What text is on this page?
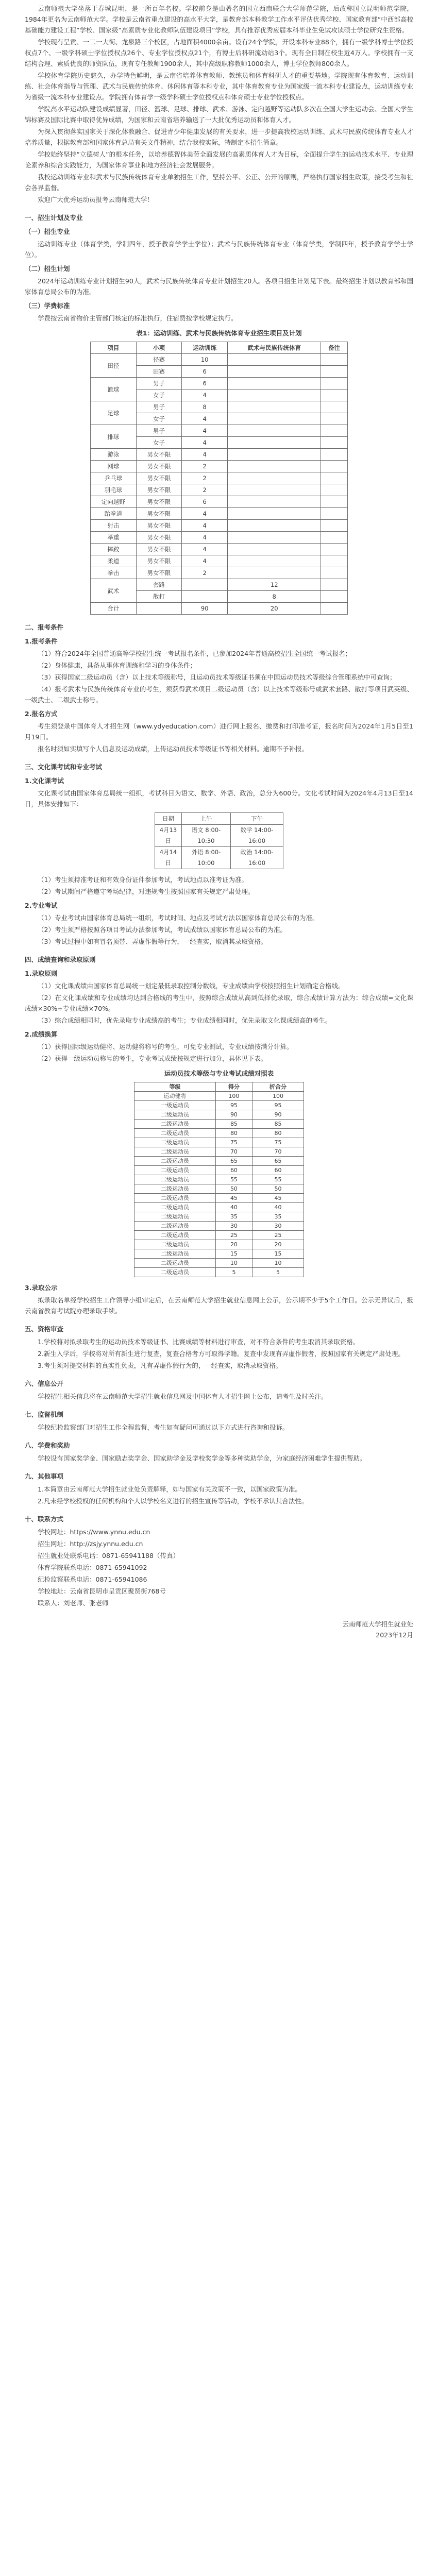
云南师范大学坐落于春城昆明，是一所百年名校。学校前身是由著名的国立西南联合大学师范学院，后改称国立昆明师范学院，1984年更名为云南师范大学。学校是云南省重点建设的高水平大学，是教育部本科教学工作水平评估优秀学校、国家教育部“中西部高校基础能力建设工程”学校、国家级“高素质专业化教师队伍建设项目”学校，具有推荐优秀应届本科毕业生免试攻读硕士学位研究生资格。

学校现有呈贡、一二一大街、龙泉路三个校区，占地面积4000余亩。设有24个学院，开设本科专业88个，拥有一级学科博士学位授权点7个、一级学科硕士学位授权点26个、专业学位授权点21个，有博士后科研流动站3个。现有全日制在校生近4万人。学校拥有一支结构合理、素质优良的师资队伍，现有专任教师1900余人，其中高级职称教师1000余人，博士学位教师800余人。

学校体育学院历史悠久，办学特色鲜明，是云南省培养体育教师、教练员和体育科研人才的重要基地。学院现有体育教育、运动训练、社会体育指导与管理、武术与民族传统体育、休闲体育等本科专业，其中体育教育专业为国家级一流本科专业建设点，运动训练专业为省级一流本科专业建设点。学院拥有体育学一级学科硕士学位授权点和体育硕士专业学位授权点。

学院高水平运动队建设成绩显著，田径、篮球、足球、排球、武术、游泳、定向越野等运动队多次在全国大学生运动会、全国大学生锦标赛及国际比赛中取得优异成绩，为国家和云南省培养输送了一大批优秀运动员和体育人才。

为深入贯彻落实国家关于深化体教融合、促进青少年健康发展的有关要求，进一步提高我校运动训练、武术与民族传统体育专业人才培养质量，根据教育部和国家体育总局有关文件精神，结合我校实际，特制定本招生简章。

学校始终坚持“立德树人”的根本任务，以培养德智体美劳全面发展的高素质体育人才为目标，全面提升学生的运动技术水平、专业理论素养和综合实践能力，为国家体育事业和地方经济社会发展服务。

我校运动训练专业和武术与民族传统体育专业单独招生工作，坚持公平、公正、公开的原则，严格执行国家招生政策，接受考生和社会各界监督。

欢迎广大优秀运动员报考云南师范大学！

一、招生计划及专业
（一）招生专业

运动训练专业（体育学类，学制四年，授予教育学学士学位）；武术与民族传统体育专业（体育学类，学制四年，授予教育学学士学位）。

（二）招生计划

2024年运动训练专业计划招生90人，武术与民族传统体育专业计划招生20人。各项目招生计划见下表。最终招生计划以教育部和国家体育总局公布的为准。

（三）学费标准

学费按云南省物价主管部门核定的标准执行，住宿费按学校规定执行。

表1：运动训练、武术与民族传统体育专业招生项目及计划
项目	小项	运动训练	武术与民族传统体育	备注
田径	径赛	10		
	田赛	6		
篮球	男子	6		
	女子	4		
足球	男子	8		
	女子	4		
排球	男子	4		
	女子	4		
游泳	男女不限	4		
网球	男女不限	2		
乒乓球	男女不限	2		
羽毛球	男女不限	2		
定向越野	男女不限	6		
跆拳道	男女不限	4		
射击	男女不限	4		
举重	男女不限	4		
摔跤	男女不限	4		
柔道	男女不限	4		
拳击	男女不限	2		
武术	套路		12	
	散打		8	
合计		90	20	
二、报考条件
1.报考条件

（1）符合2024年全国普通高等学校招生统一考试报名条件，已参加2024年普通高校招生全国统一考试报名；

（2）身体健康，具备从事体育训练和学习的身体条件；

（3）获得国家二级运动员（含）以上技术等级称号，且运动员技术等级证书须在中国运动员技术等级综合管理系统中可查询；

（4）报考武术与民族传统体育专业的考生，须获得武术项目二级运动员（含）以上技术等级称号或武术套路、散打等项目武英级、一级武士、二级武士称号。

2.报名方式

考生须登录中国体育人才招生网（www.ydyeducation.com）进行网上报名、缴费和打印准考证，报名时间为2024年1月5日至1月19日。

报名时须如实填写个人信息及运动成绩，上传运动员技术等级证书等相关材料。逾期不予补报。

三、文化课考试和专业考试
1.文化课考试

文化课考试由国家体育总局统一组织，考试科目为语文、数学、外语、政治，总分为600分。文化考试时间为2024年4月13日至14日，具体安排如下：

日期	上午	下午
4月13日	语文 8:00-10:30	数学 14:00-16:00
4月14日	外语 8:00-10:00	政治 14:00-16:00

（1）考生须持准考证和有效身份证件参加考试，考试地点以准考证为准。

（2）考试期间严格遵守考场纪律，对违规考生按照国家有关规定严肃处理。

2.专业考试

（1）专业考试由国家体育总局统一组织，考试时间、地点及考试方法以国家体育总局公布的为准。

（2）考生须严格按照各项目考试办法参加考试，考试成绩以国家体育总局公布的为准。

（3）考试过程中如有冒名顶替、弄虚作假等行为，一经查实，取消其录取资格。

四、成绩查询和录取原则
1.录取原则

（1）文化课成绩由国家体育总局统一划定最低录取控制分数线，专业成绩由学校按照招生计划确定合格线。

（2）在文化课成绩和专业成绩均达到合格线的考生中，按照综合成绩从高到低择优录取，综合成绩计算方法为：综合成绩=文化课成绩×30%+专业成绩×70%。

（3）综合成绩相同时，优先录取专业成绩高的考生；专业成绩相同时，优先录取文化课成绩高的考生。

2.成绩换算

（1）获得国际级运动健将、运动健将称号的考生，可免专业测试，专业成绩按满分计算。

（2）获得一级运动员称号的考生，专业考试成绩按规定进行加分，具体见下表。

运动员技术等级与专业考试成绩对照表
等级	得分	折合分
运动健将	100	100
一级运动员	95	95
二级运动员	90	90
二级运动员	85	85
二级运动员	80	80
二级运动员	75	75
二级运动员	70	70
二级运动员	65	65
二级运动员	60	60
二级运动员	55	55
二级运动员	50	50
二级运动员	45	45
二级运动员	40	40
二级运动员	35	35
二级运动员	30	30
二级运动员	25	25
二级运动员	20	20
二级运动员	15	15
二级运动员	10	10
二级运动员	5	5
3.录取公示

拟录取名单经学校招生工作领导小组审定后，在云南师范大学招生就业信息网上公示，公示期不少于5个工作日。公示无异议后，报云南省教育考试院办理录取手续。

五、资格审查

1.学校将对拟录取考生的运动员技术等级证书、比赛成绩等材料进行审查，对不符合条件的考生取消其录取资格。

2.新生入学后，学校将对所有新生进行复查，复查合格者方可取得学籍。复查中发现有弄虚作假者，按照国家有关规定严肃处理。

3.考生须对提交材料的真实性负责，凡有弄虚作假行为的，一经查实，取消录取资格。

六、信息公开

学校招生相关信息将在云南师范大学招生就业信息网及中国体育人才招生网上公布，请考生及时关注。

七、监督机制

学校纪检监察部门对招生工作全程监督，考生如有疑问可通过以下方式进行咨询和投诉。

八、学费和奖助

学校设有国家奖学金、国家励志奖学金、国家助学金及学校奖学金等多种奖助学金，为家庭经济困难学生提供帮助。

九、其他事项

1.本简章由云南师范大学招生就业处负责解释，如与国家有关政策不一致，以国家政策为准。

2.凡未经学校授权的任何机构和个人以学校名义进行的招生宣传等活动，学校不承认其合法性。

十、联系方式

学校网址：https://www.ynnu.edu.cn

招生网址：http://zsjy.ynnu.edu.cn

招生就业处联系电话：0871-65941188（传真）

体育学院联系电话：0871-65941092

纪检监察联系电话：0871-65941086

学校地址：云南省昆明市呈贡区聚贤街768号

联系人：刘老师、张老师

云南师范大学招生就业处

2023年12月
